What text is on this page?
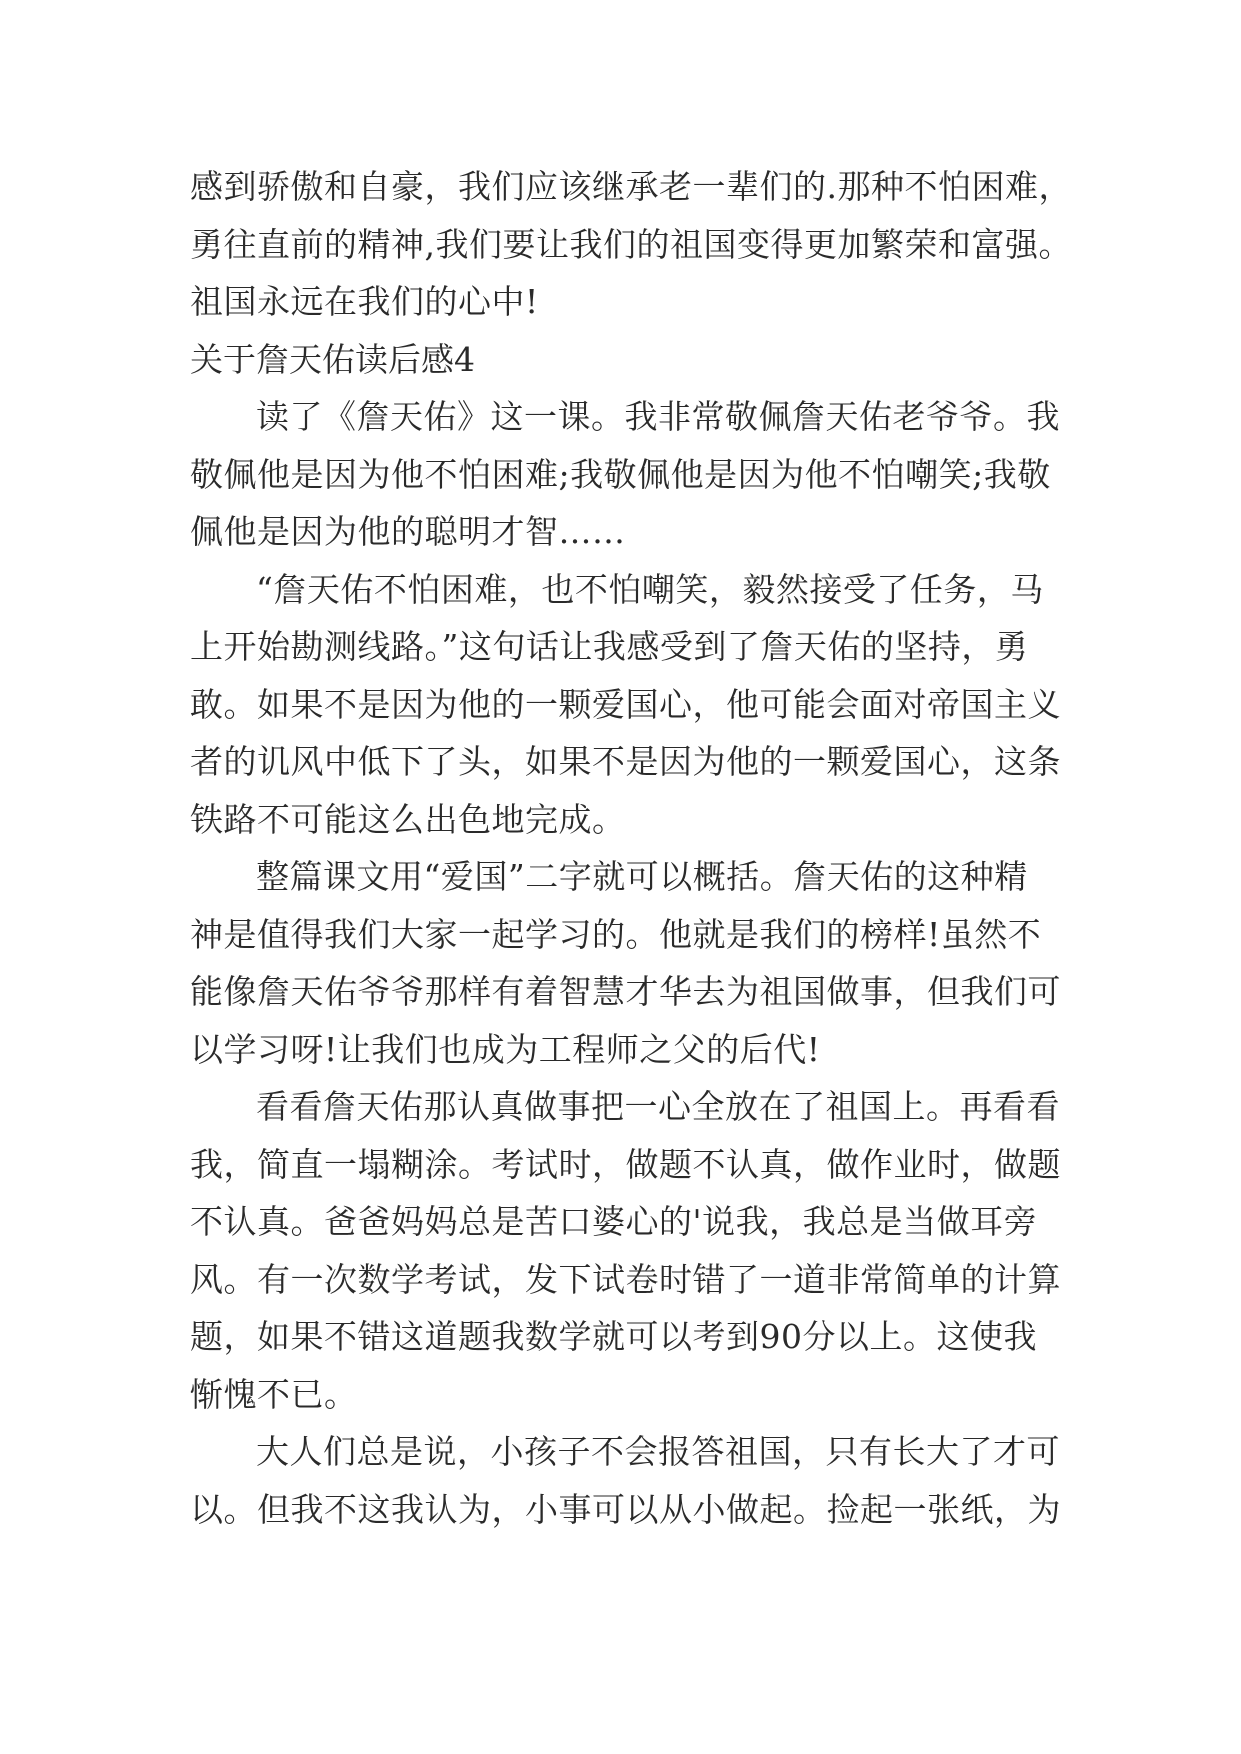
感到骄傲和自豪，我们应该继承老一辈们的.那种不怕困难，
勇往直前的精神,我们要让我们的祖国变得更加繁荣和富强。
祖国永远在我们的心中!
关于詹天佑读后感4
读了《詹天佑》这一课。我非常敬佩詹天佑老爷爷。我
敬佩他是因为他不怕困难;我敬佩他是因为他不怕嘲笑;我敬
佩他是因为他的聪明才智……
“詹天佑不怕困难，也不怕嘲笑，毅然接受了任务，马
上开始勘测线路。”这句话让我感受到了詹天佑的坚持，勇
敢。如果不是因为他的一颗爱国心，他可能会面对帝国主义
者的讥风中低下了头，如果不是因为他的一颗爱国心，这条
铁路不可能这么出色地完成。
整篇课文用“爱国”二字就可以概括。詹天佑的这种精
神是值得我们大家一起学习的。他就是我们的榜样!虽然不
能像詹天佑爷爷那样有着智慧才华去为祖国做事，但我们可
以学习呀!让我们也成为工程师之父的后代!
看看詹天佑那认真做事把一心全放在了祖国上。再看看
我，简直一塌糊涂。考试时，做题不认真，做作业时，做题
不认真。爸爸妈妈总是苦口婆心的'说我，我总是当做耳旁
风。有一次数学考试，发下试卷时错了一道非常简单的计算
题，如果不错这道题我数学就可以考到90分以上。这使我
惭愧不已。
大人们总是说，小孩子不会报答祖国，只有长大了才可
以。但我不这我认为，小事可以从小做起。捡起一张纸，为
